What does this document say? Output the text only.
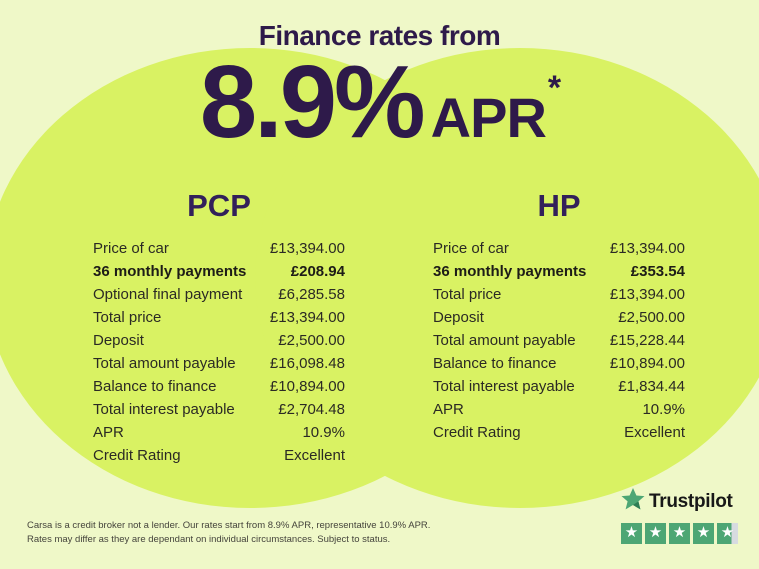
Finance rates from
8.9% APR *
PCP
Price of car	£13,394.00
36 monthly payments	£208.94
Optional final payment £6,285.58
Total price	£13,394.00
Deposit	£2,500.00
Total amount payable £16,098.48
Balance to finance	£10,894.00
Total interest payable	£2,704.48
APR	10.9%
Credit Rating	Excellent
HP
Price of car	£13,394.00
36 monthly payments	£353.54
Total price	£13,394.00
Deposit	£2,500.00
Total amount payable £15,228.44
Balance to finance	£10,894.00
Total interest payable	£1,834.44
APR	10.9%
Credit Rating	Excellent
Carsa is a credit broker not a lender. Our rates start from 8.9% APR, representative 10.9% APR.
Rates may differ as they are dependant on individual circumstances. Subject to status.
Trustpilot
★ ★ ★ ★ ★
